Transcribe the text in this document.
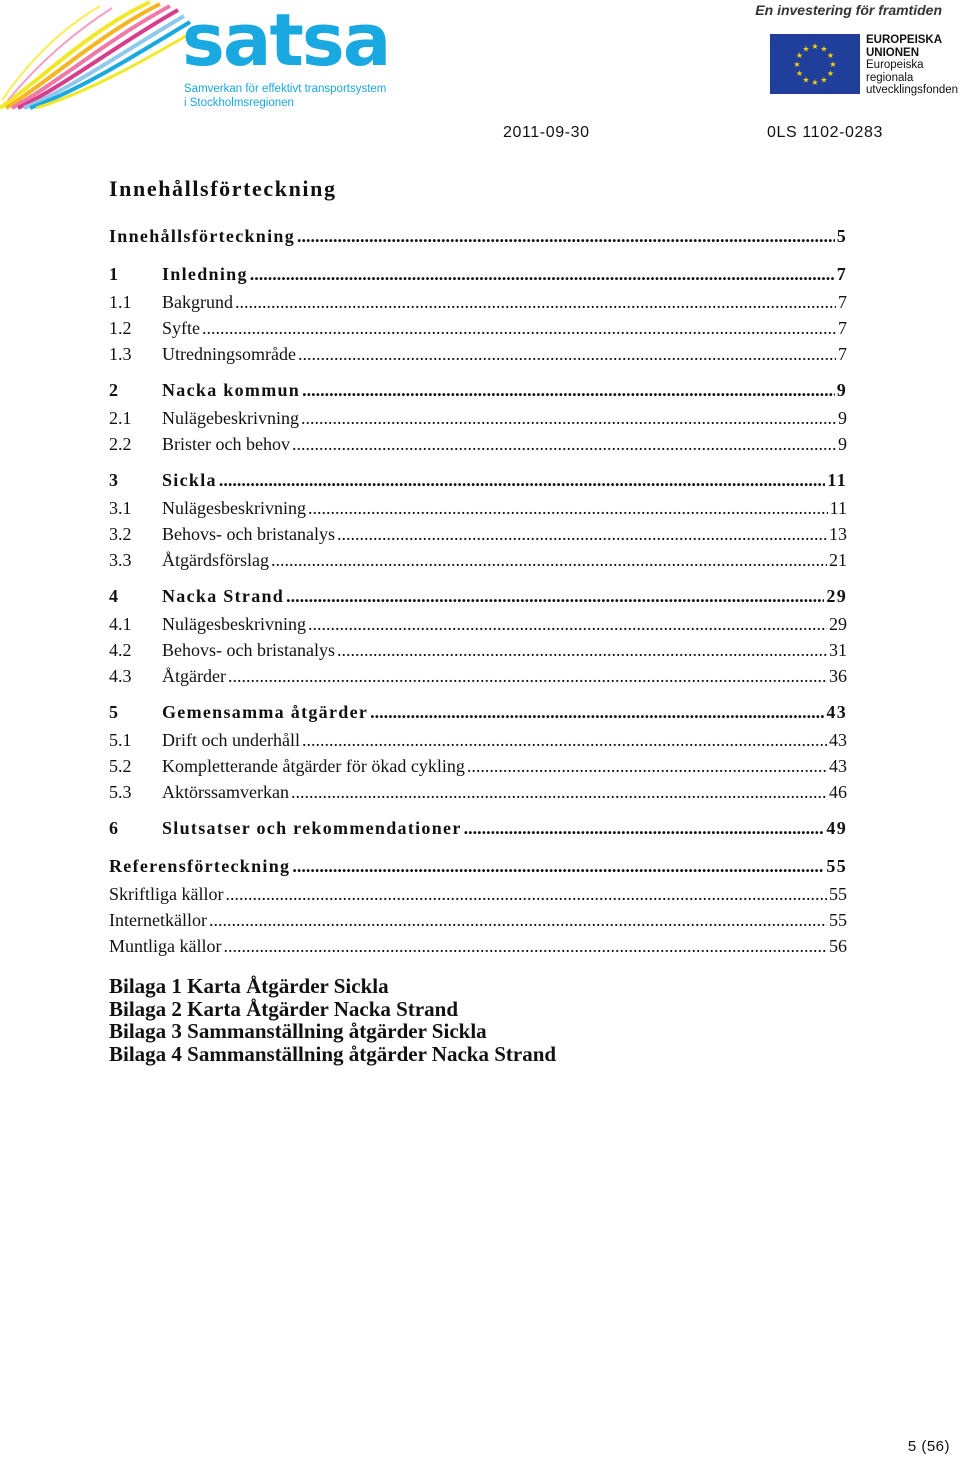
satsa
Samverkan för effektivt transportsystem
i Stockholmsregionen
En investering för framtiden
★ ★
★
★
★
★
★
★
★
★
★
★
EUROPEISKA
UNIONEN
Europeiska
regionala
utvecklingsfonden
2011-09-30	0LS 1102-0283
Innehållsförteckning
Innehållsförteckning .....	5
1	Inledning .....	7
1.1	Bakgrund .....	7
1.2	Syfte .....	7
1.3	Utredningsområde .....	7
2	Nacka kommun .....	9
2.1	Nulägebeskrivning .....	9
2.2	Brister och behov .....	9
3	Sickla .....	11
3.1	Nulägesbeskrivning .....	11
3.2	Behovs- och bristanalys .....	13
3.3	Åtgärdsförslag .....	21
4	Nacka Strand .....	29
4.1	Nulägesbeskrivning .....	29
4.2	Behovs- och bristanalys .....	31
4.3	Åtgärder .....	36
5	Gemensamma åtgärder .....	43
5.1	Drift och underhåll .....	43
5.2	Kompletterande åtgärder för ökad cykling .....	43
5.3	Aktörssamverkan .....	46
6	Slutsatser och rekommendationer .....	49
Referensförteckning .....	55
Skriftliga källor .....	55
Internetkällor .....	55
Muntliga källor .....	56
Bilaga 1 Karta Åtgärder Sickla
Bilaga 2 Karta Åtgärder Nacka Strand
Bilaga 3 Sammanställning åtgärder Sickla
Bilaga 4 Sammanställning åtgärder Nacka Strand
5 (56)
